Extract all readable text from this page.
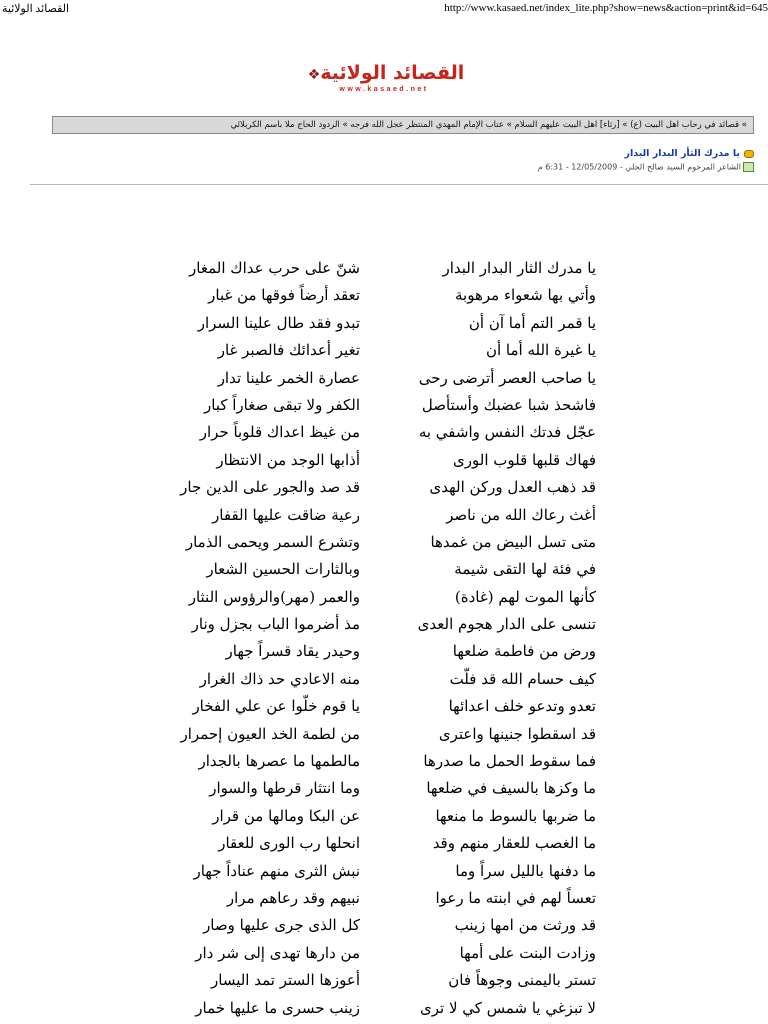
القصائد الولائية	http://www.kasaed.net/index_lite.php?show=news&action=print&id=645
القصائد الولائية❖
www.kasaed.net
» قصائد في رحاب اهل البيت (ع) » [رثاء] اهل البيت عليهم السلام » عتاب الإمام المهدي المنتظر عجل الله فرجه » الردود الحاج ملا باسم الكربلائي
يا مدرك الثأر البدار البدار
الشاعر المرحوم السيد صالح الحلي - 12/05/2009 - 6:31 م
يا مدرك الثار البدار البدار
شنّ على حرب عداك المغار
وأتي بها شعواء مرهوبة
تعقد أرضاً فوقها من غبار
يا قمر التم أما آن أن
تبدو فقد طال علينا السرار
يا غيرة الله أما أن
تغير أعدائك فالصبر غار
يا صاحب العصر أترضى رحى
عصارة الخمر علينا تدار
فاشحذ شبا عضبك وأستأصل
الكفر ولا تبقى صغاراً كبار
عجّل فدتك النفس واشفي به
من غيظ اعداك قلوباً حرار
فهاك قلبها قلوب الورى
أذابها الوجد من الانتظار
قد ذهب العدل وركن الهدى
قد صد والجور على الدين جار
أغث رعاك الله من ناصر
رعية ضاقت عليها القفار
متى تسل البيض من غمدها
وتشرع السمر ويحمى الذمار
في فئة لها التقى شيمة
وبالثارات الحسين الشعار
كأنها الموت لهم (غادة)
والعمر (مهر)والرؤوس النثار
تنسى على الدار هجوم العدى
مذ أضرموا الباب بجزل ونار
ورض من فاطمة ضلعها
وحيدر يقاد قسراً جهار
كيف حسام الله قد فلّت
منه الاعادي حد ذاك الغرار
تعدو وتدعو خلف اعدائها
يا قوم خلّوا عن علي الفخار
قد اسقطوا جنينها واعترى
من لطمة الخد العيون إحمرار
فما سقوط الحمل ما صدرها
مالطمها ما عصرها بالجدار
ما وكزها بالسيف في ضلعها
وما انتثار قرطها والسوار
ما ضربها بالسوط ما منعها
عن البكا ومالها من قرار
ما الغصب للعقار منهم وقد
انحلها رب الورى للعقار
ما دفنها بالليل سراً وما
نبش الثرى منهم عناداً جهار
تعساً لهم في ابنته ما رعوا
نبيهم وقد رعاهم مرار
قد ورثت من امها زينب
كل الذى جرى عليها وصار
وزادت البنت على أمها
من دارها تهدى إلى شر دار
تستر باليمنى وجوهاً فان
أعوزها الستر تمد اليسار
لا تبزغي يا شمس كي لا ترى
زينب حسرى ما عليها خمار
